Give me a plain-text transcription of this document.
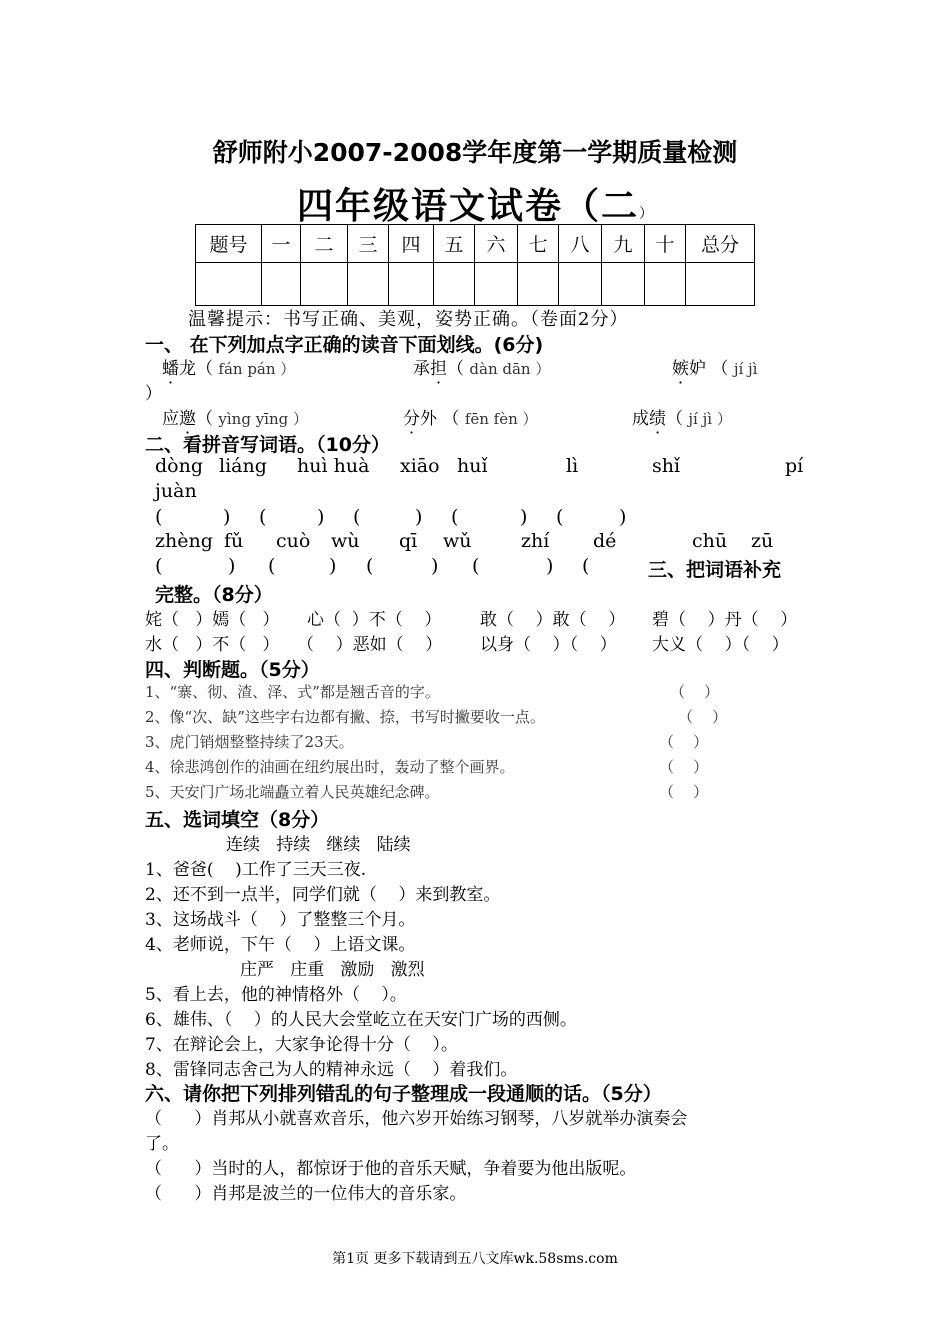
舒师附小2007-2008学年度第一学期质量检测
四年级语文试卷（二）
题号	一	二	三	四	五	六	七	八	九	十	总分

温馨提示：书写正确、美观，姿势正确。（卷面2分）
一、 在下列加点字正确的读音下面划线。(6分)
蟠龙（ fán pán ）	承担（ dàn dān ）	嫉妒 （ jí jì
）
应邀（ yìng yīng ）	分外 （ fēn fèn ）	成绩（ jí jì ）
二、看拼音写词语。（10分）
dòng liáng huì huà xiāo huǐ	lì	shǐ	pí
juàn
(	) (	) (	) (	) (	)
zhèng fǔ cuò wù qī wǔ	zhí dé	chū zū
(	) (	) (	) (	) (	三、把词语补充
完整。（8分）
姹（   ）嫣（   ） 心（  ）不（    ） 敢（    ）敢（    ） 碧（    ）丹（    ）
水（   ）不（   ） （    ）恶如（    ） 以身（    ）（    ） 大义（    ）（    ）
四、判断题。（5分）
1、“寨、彻、渣、泽、式”都是翘舌音的字。	（    ）
2、像“次、缺”这些字右边都有撇、捺，书写时撇要收一点。	（    ）
3、虎门销烟整整持续了23天。	（    ）
4、徐悲鸿创作的油画在纽约展出时，轰动了整个画界。	（    ）
5、天安门广场北端矗立着人民英雄纪念碑。	（    ）
五、选词填空（8分）
连续   持续   继续   陆续
1、爸爸(    )工作了三天三夜.
2、还不到一点半，同学们就（    ）来到教室。
3、这场战斗（    ）了整整三个月。
4、老师说，下午（    ）上语文课。
庄严   庄重   激励   激烈
5、看上去，他的神情格外（    ）。
6、雄伟、（    ）的人民大会堂屹立在天安门广场的西侧。
7、在辩论会上，大家争论得十分（    ）。
8、雷锋同志舍己为人的精神永远（    ）着我们。
六、请你把下列排列错乱的句子整理成一段通顺的话。（5分）
（      ）肖邦从小就喜欢音乐，他六岁开始练习钢琴，八岁就举办演奏会
了。
（      ）当时的人，都惊讶于他的音乐天赋，争着要为他出版呢。
（      ）肖邦是波兰的一位伟大的音乐家。
第1页 更多下载请到五八文库wk.58sms.com
